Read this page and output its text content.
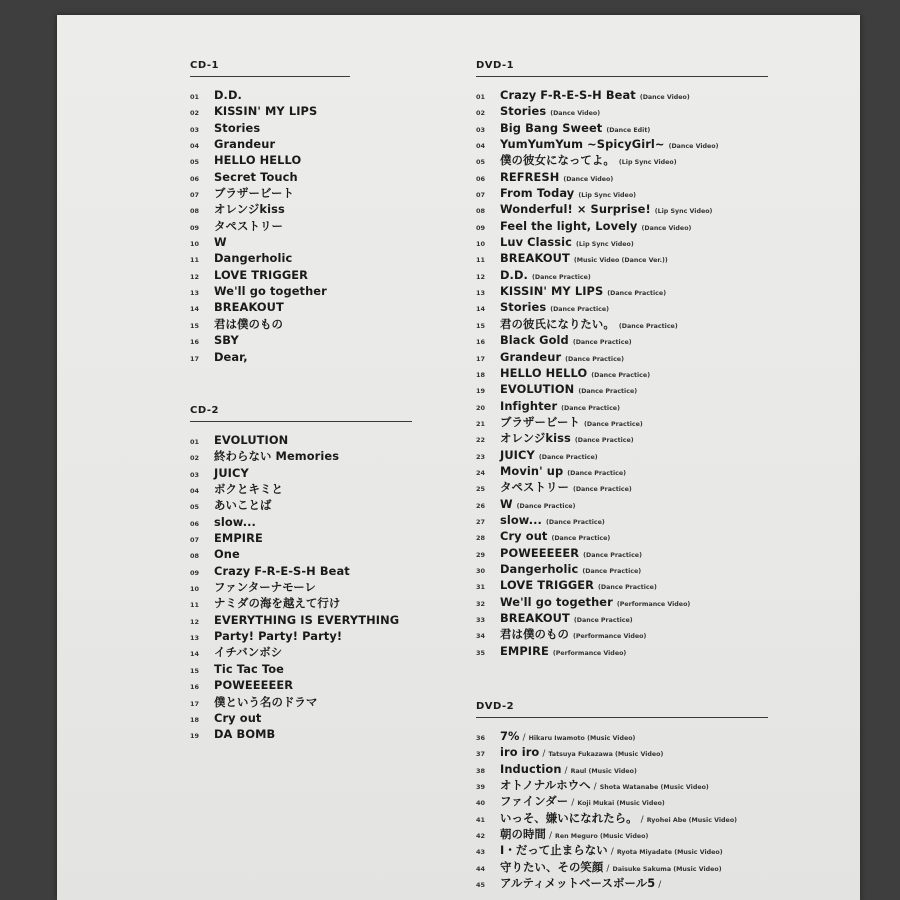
CD-1
01	D.D.
02	KISSIN' MY LIPS
03	Stories
04	Grandeur
05	HELLO HELLO
06	Secret Touch
07	ブラザービート
08	オレンジkiss
09	タペストリー
10	W
11	Dangerholic
12	LOVE TRIGGER
13	We'll go together
14	BREAKOUT
15	君は僕のもの
16	SBY
17	Dear,
CD-2
01	EVOLUTION
02	終わらない Memories
03	JUICY
04	ボクとキミと
05	あいことば
06	slow...
07	EMPIRE
08	One
09	Crazy F-R-E-S-H Beat
10	ファンターナモーレ
11	ナミダの海を越えて行け
12	EVERYTHING IS EVERYTHING
13	Party! Party! Party!
14	イチバンボシ
15	Tic Tac Toe
16	POWEEEEER
17	僕という名のドラマ
18	Cry out
19	DA BOMB
DVD-1
01	Crazy F-R-E-S-H Beat (Dance Video)
02	Stories (Dance Video)
03	Big Bang Sweet (Dance Edit)
04	YumYumYum ~SpicyGirl~ (Dance Video)
05	僕の彼女になってよ。 (Lip Sync Video)
06	REFRESH (Dance Video)
07	From Today (Lip Sync Video)
08	Wonderful! × Surprise! (Lip Sync Video)
09	Feel the light, Lovely (Dance Video)
10	Luv Classic (Lip Sync Video)
11	BREAKOUT (Music Video (Dance Ver.))
12	D.D. (Dance Practice)
13	KISSIN' MY LIPS (Dance Practice)
14	Stories (Dance Practice)
15	君の彼氏になりたい。 (Dance Practice)
16	Black Gold (Dance Practice)
17	Grandeur (Dance Practice)
18	HELLO HELLO (Dance Practice)
19	EVOLUTION (Dance Practice)
20	Infighter (Dance Practice)
21	ブラザービート (Dance Practice)
22	オレンジkiss (Dance Practice)
23	JUICY (Dance Practice)
24	Movin' up (Dance Practice)
25	タペストリー (Dance Practice)
26	W (Dance Practice)
27	slow... (Dance Practice)
28	Cry out (Dance Practice)
29	POWEEEEER (Dance Practice)
30	Dangerholic (Dance Practice)
31	LOVE TRIGGER (Dance Practice)
32	We'll go together (Performance Video)
33	BREAKOUT (Dance Practice)
34	君は僕のもの (Performance Video)
35	EMPIRE (Performance Video)
DVD-2
36	7% / Hikaru Iwamoto (Music Video)
37	iro iro / Tatsuya Fukazawa (Music Video)
38	Induction / Raul (Music Video)
39	オトノナルホウへ / Shota Watanabe (Music Video)
40	ファインダー / Koji Mukai (Music Video)
41	いっそ、嫌いになれたら。 / Ryohei Abe (Music Video)
42	朝の時間 / Ren Meguro (Music Video)
43	I・だって止まらない / Ryota Miyadate (Music Video)
44	守りたい、その笑顔 / Daisuke Sakuma (Music Video)
45	アルティメットベースボール5 /
